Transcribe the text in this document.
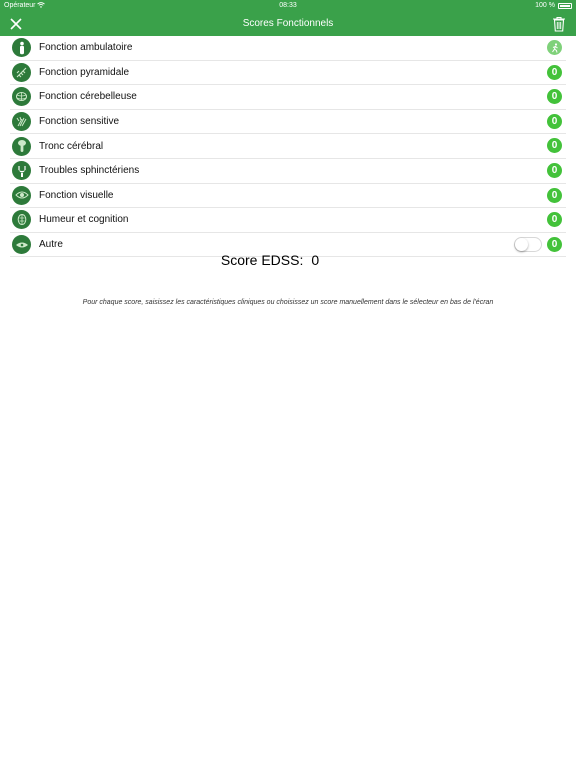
Opérateur	08:33	100 %
Scores Fonctionnels
Fonction ambulatoire
Fonction pyramidale	0
Fonction cérebelleuse	0
Fonction sensitive	0
Tronc cérébral	0
Troubles sphinctériens	0
Fonction visuelle	0
Humeur et cognition	0
Autre	0
Score EDSS: 0
Pour chaque score, saisissez les caractéristiques cliniques ou choisissez un score manuellement dans le sélecteur en bas de l'écran
